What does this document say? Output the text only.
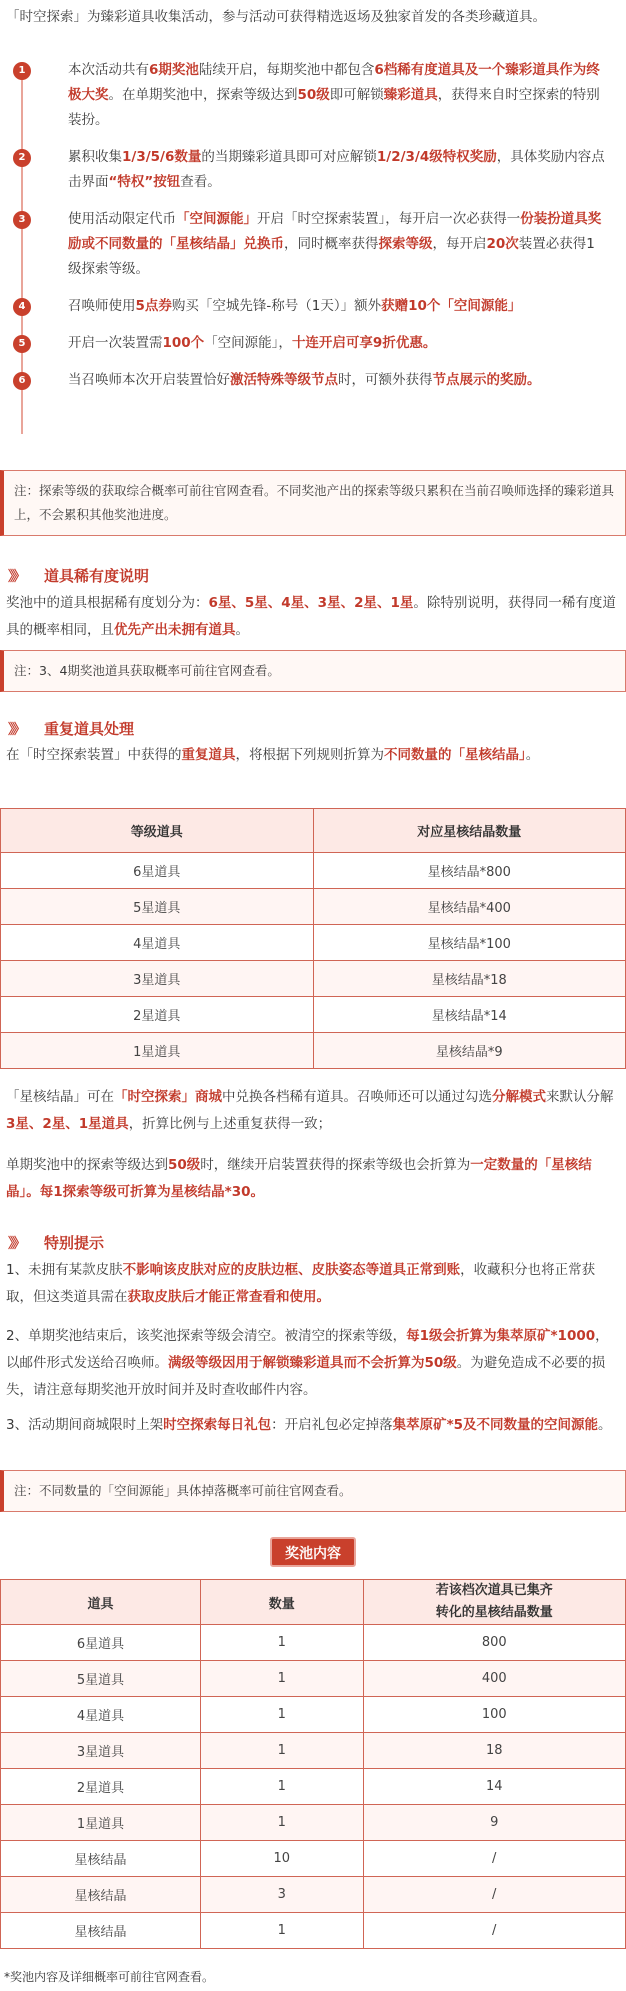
「时空探索」为臻彩道具收集活动，参与活动可获得精选返场及独家首发的各类珍藏道具。
1	本次活动共有6期奖池陆续开启，每期奖池中都包含6档稀有度道具及一个臻彩道具作为终极大奖。在单期奖池中，探索等级达到50级即可解锁臻彩道具，获得来自时空探索的特别装扮。
2	累积收集1/3/5/6数量的当期臻彩道具即可对应解锁1/2/3/4级特权奖励，具体奖励内容点击界面“特权”按钮查看。
3	使用活动限定代币「空间源能」开启「时空探索装置」，每开启一次必获得一份装扮道具奖励或不同数量的「星核结晶」兑换币，同时概率获得探索等级，每开启20次装置必获得1级探索等级。
4	召唤师使用5点券购买「空城先锋-称号（1天）」额外获赠10个「空间源能」
5	开启一次装置需100个「空间源能」，十连开启可享9折优惠。
6	当召唤师本次开启装置恰好激活特殊等级节点时，可额外获得节点展示的奖励。
注：探索等级的获取综合概率可前往官网查看。不同奖池产出的探索等级只累积在当前召唤师选择的臻彩道具上，不会累积其他奖池进度。
》》 道具稀有度说明
奖池中的道具根据稀有度划分为：6星、5星、4星、3星、2星、1星。除特别说明，获得同一稀有度道具的概率相同，且优先产出未拥有道具。
注：3、4期奖池道具获取概率可前往官网查看。
》》 重复道具处理
在「时空探索装置」中获得的重复道具，将根据下列规则折算为不同数量的「星核结晶」。
等级道具	对应星核结晶数量
6星道具	星核结晶*800
5星道具	星核结晶*400
4星道具	星核结晶*100
3星道具	星核结晶*18
2星道具	星核结晶*14
1星道具	星核结晶*9
「星核结晶」可在「时空探索」商城中兑换各档稀有道具。召唤师还可以通过勾选分解模式来默认分解3星、2星、1星道具，折算比例与上述重复获得一致；
单期奖池中的探索等级达到50级时，继续开启装置获得的探索等级也会折算为一定数量的「星核结晶」。每1探索等级可折算为星核结晶*30。
》》 特别提示
1、未拥有某款皮肤不影响该皮肤对应的皮肤边框、皮肤姿态等道具正常到账，收藏积分也将正常获取，但这类道具需在获取皮肤后才能正常查看和使用。
2、单期奖池结束后，该奖池探索等级会清空。被清空的探索等级，每1级会折算为集萃原矿*1000，以邮件形式发送给召唤师。满级等级因用于解锁臻彩道具而不会折算为50级。为避免造成不必要的损失，请注意每期奖池开放时间并及时查收邮件内容。
3、活动期间商城限时上架时空探索每日礼包：开启礼包必定掉落集萃原矿*5及不同数量的空间源能。
注：不同数量的「空间源能」具体掉落概率可前往官网查看。
奖池内容
道具	数量	若该档次道具已集齐
转化的星核结晶数量

6星道具	1	800
5星道具	1	400
4星道具	1	100
3星道具	1	18
2星道具	1	14
1星道具	1	9
星核结晶	10	/
星核结晶	3	/
星核结晶	1	/
*奖池内容及详细概率可前往官网查看。
